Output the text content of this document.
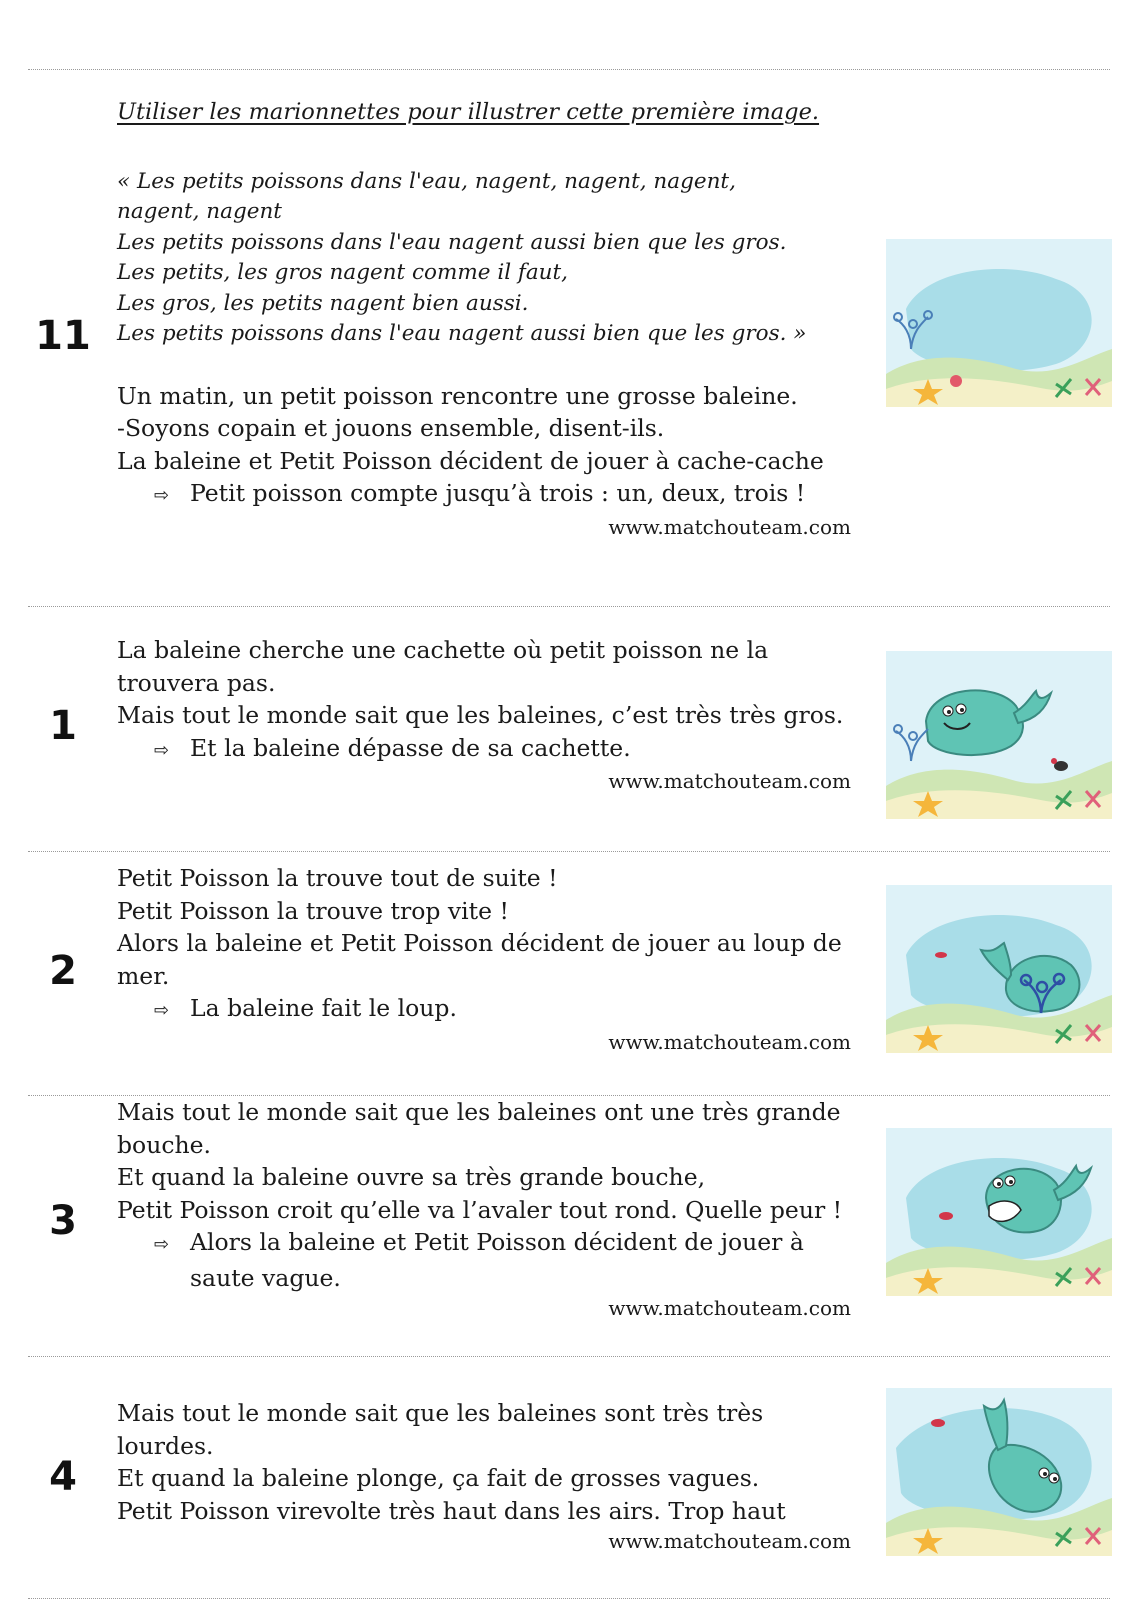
11

Utiliser les marionnettes pour illustrer cette première image.

« Les petits poissons dans l'eau, nagent, nagent, nagent, nagent, nagent

Les petits poissons dans l'eau nagent aussi bien que les gros.

Les petits, les gros nagent comme il faut,

Les gros, les petits nagent bien aussi.

Les petits poissons dans l'eau nagent aussi bien que les gros. »

Un matin, un petit poisson rencontre une grosse baleine.

-Soyons copain et jouons ensemble, disent-ils.

La baleine et Petit Poisson décident de jouer à cache-cache

⇨ Petit poisson compte jusqu’à trois : un, deux, trois !

www.matchouteam.com

1

La baleine cherche une cachette où petit poisson ne la trouvera pas.

Mais tout le monde sait que les baleines, c’est très très gros.

⇨ Et la baleine dépasse de sa cachette.

www.matchouteam.com

2

Petit Poisson la trouve tout de suite !

Petit Poisson la trouve trop vite !

Alors la baleine et Petit Poisson décident de jouer au loup de mer.

⇨ La baleine fait le loup.

www.matchouteam.com

3

Mais tout le monde sait que les baleines ont une très grande bouche.

Et quand la baleine ouvre sa très grande bouche,

Petit Poisson croit qu’elle va l’avaler tout rond. Quelle peur !

⇨ Alors la baleine et Petit Poisson décident de jouer à saute vague.

www.matchouteam.com

4

Mais tout le monde sait que les baleines sont très très lourdes.

Et quand la baleine plonge, ça fait de grosses vagues.

Petit Poisson virevolte très haut dans les airs. Trop haut

www.matchouteam.com
